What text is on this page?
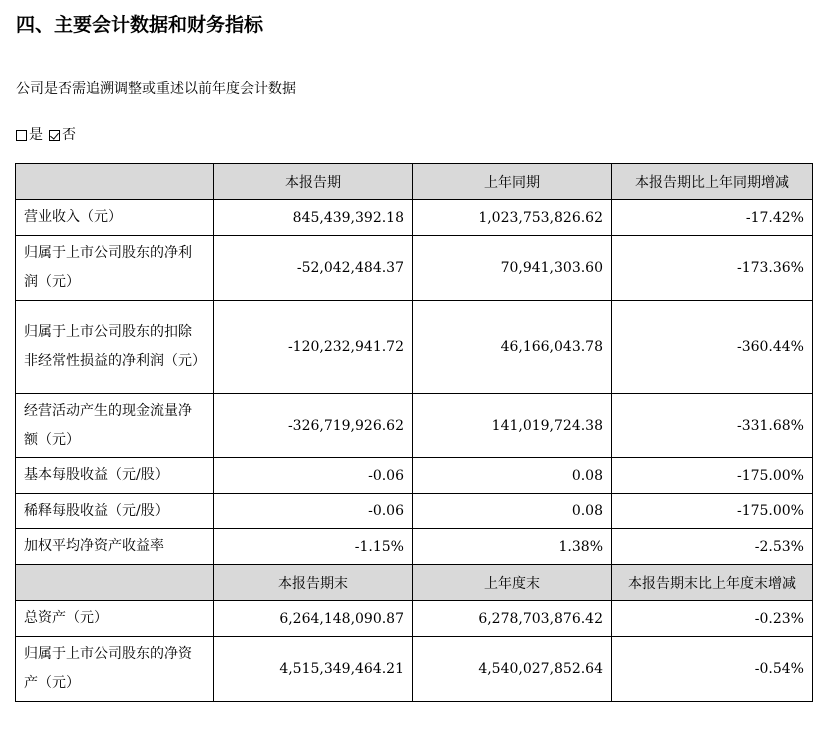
四、主要会计数据和财务指标
公司是否需追溯调整或重述以前年度会计数据
是 否
	本报告期	上年同期	本报告期比上年同期增减
营业收入（元）	845,439,392.18	1,023,753,826.62	-17.42%
归属于上市公司股东的净利润（元）	-52,042,484.37	70,941,303.60	-173.36%
归属于上市公司股东的扣除非经常性损益的净利润（元）	-120,232,941.72	46,166,043.78	-360.44%
经营活动产生的现金流量净额（元）	-326,719,926.62	141,019,724.38	-331.68%
基本每股收益（元/股）	-0.06	0.08	-175.00%
稀释每股收益（元/股）	-0.06	0.08	-175.00%
加权平均净资产收益率	-1.15%	1.38%	-2.53%
	本报告期末	上年度末	本报告期末比上年度末增减
总资产（元）	6,264,148,090.87	6,278,703,876.42	-0.23%
归属于上市公司股东的净资产（元）	4,515,349,464.21	4,540,027,852.64	-0.54%
